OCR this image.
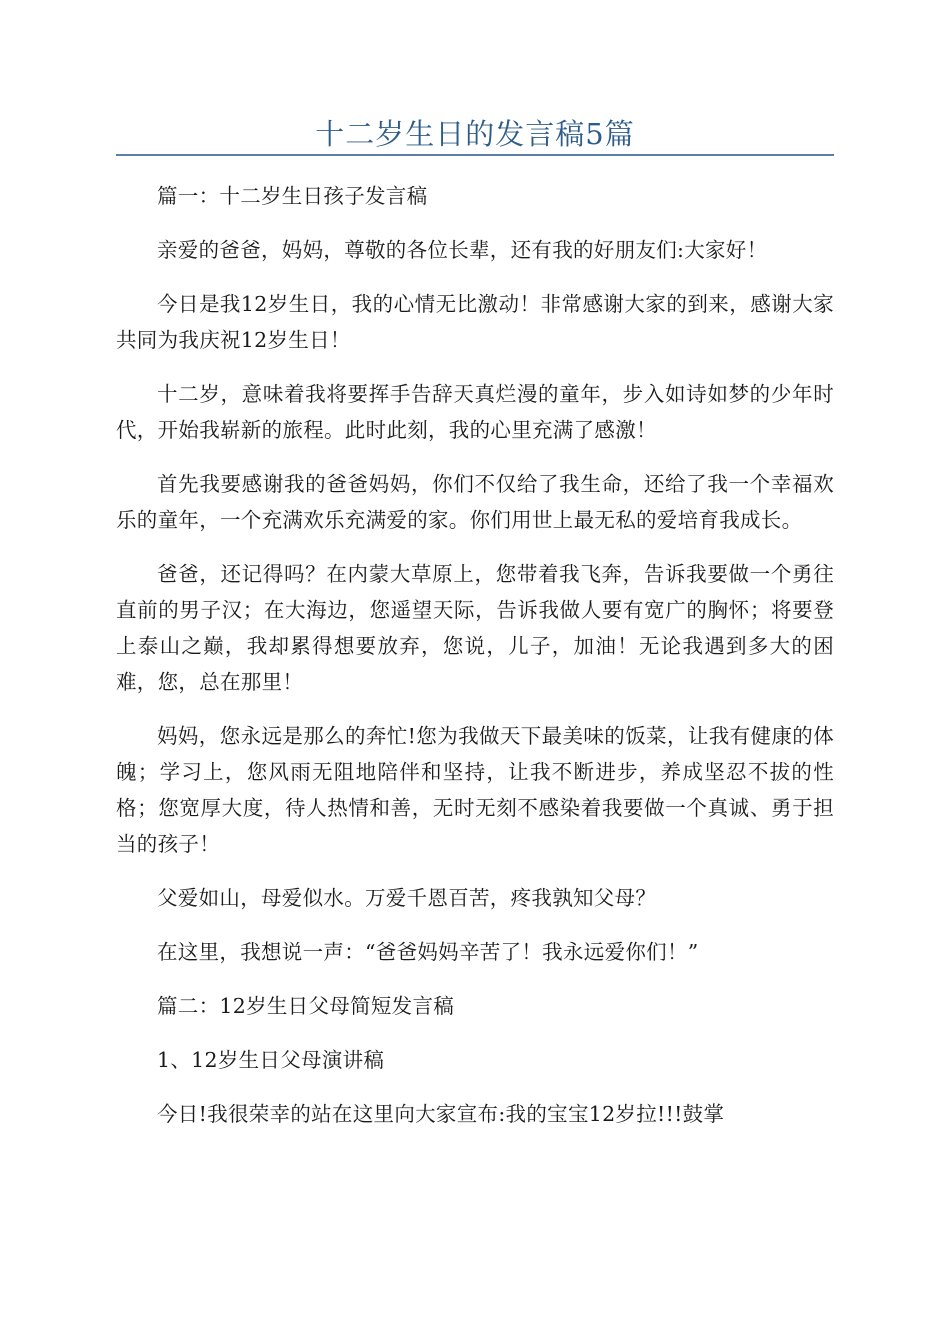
十二岁生日的发言稿5篇

篇一：十二岁生日孩子发言稿

亲爱的爸爸，妈妈，尊敬的各位长辈，还有我的好朋友们:大家好！

今日是我12岁生日，我的心情无比激动！非常感谢大家的到来，感谢大家共同为我庆祝12岁生日！

十二岁，意味着我将要挥手告辞天真烂漫的童年，步入如诗如梦的少年时代，开始我崭新的旅程。此时此刻，我的心里充满了感激！

首先我要感谢我的爸爸妈妈，你们不仅给了我生命，还给了我一个幸福欢乐的童年，一个充满欢乐充满爱的家。你们用世上最无私的爱培育我成长。

爸爸，还记得吗？在内蒙大草原上，您带着我飞奔，告诉我要做一个勇往直前的男子汉；在大海边，您遥望天际，告诉我做人要有宽广的胸怀；将要登上泰山之巅，我却累得想要放弃，您说，儿子，加油！无论我遇到多大的困难，您，总在那里！

妈妈，您永远是那么的奔忙!您为我做天下最美味的饭菜，让我有健康的体魄；学习上，您风雨无阻地陪伴和坚持，让我不断进步，养成坚忍不拔的性格；您宽厚大度，待人热情和善，无时无刻不感染着我要做一个真诚、勇于担当的孩子！

父爱如山，母爱似水。万爱千恩百苦，疼我孰知父母？

在这里，我想说一声：“爸爸妈妈辛苦了！我永远爱你们！”

篇二：12岁生日父母简短发言稿

1、12岁生日父母演讲稿

今日!我很荣幸的站在这里向大家宣布:我的宝宝12岁拉!!!鼓掌
